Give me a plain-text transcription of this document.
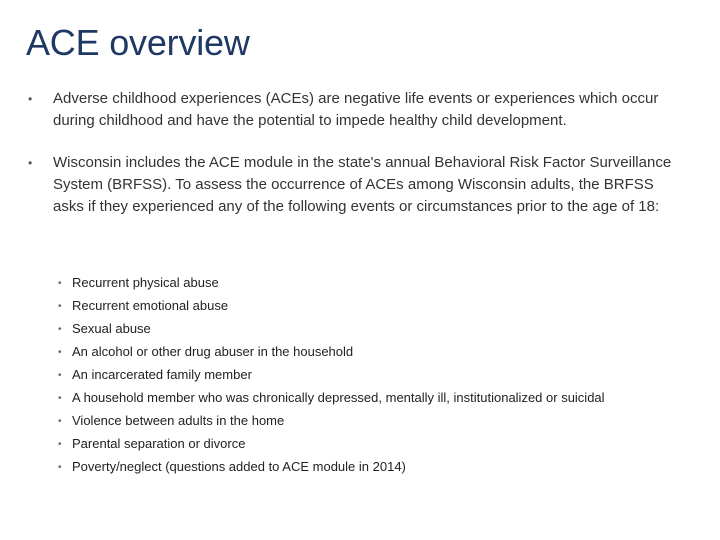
ACE overview
• Adverse childhood experiences (ACEs) are negative life events or experiences which occur during childhood and have the potential to impede healthy child development.
• Wisconsin includes the ACE module in the state's annual Behavioral Risk Factor Surveillance System (BRFSS). To assess the occurrence of ACEs among Wisconsin adults, the BRFSS asks if they experienced any of the following events or circumstances prior to the age of 18:
• Recurrent physical abuse
• Recurrent emotional abuse
• Sexual abuse
• An alcohol or other drug abuser in the household
• An incarcerated family member
• A household member who was chronically depressed, mentally ill, institutionalized or suicidal
• Violence between adults in the home
• Parental separation or divorce
• Poverty/neglect (questions added to ACE module in 2014)
